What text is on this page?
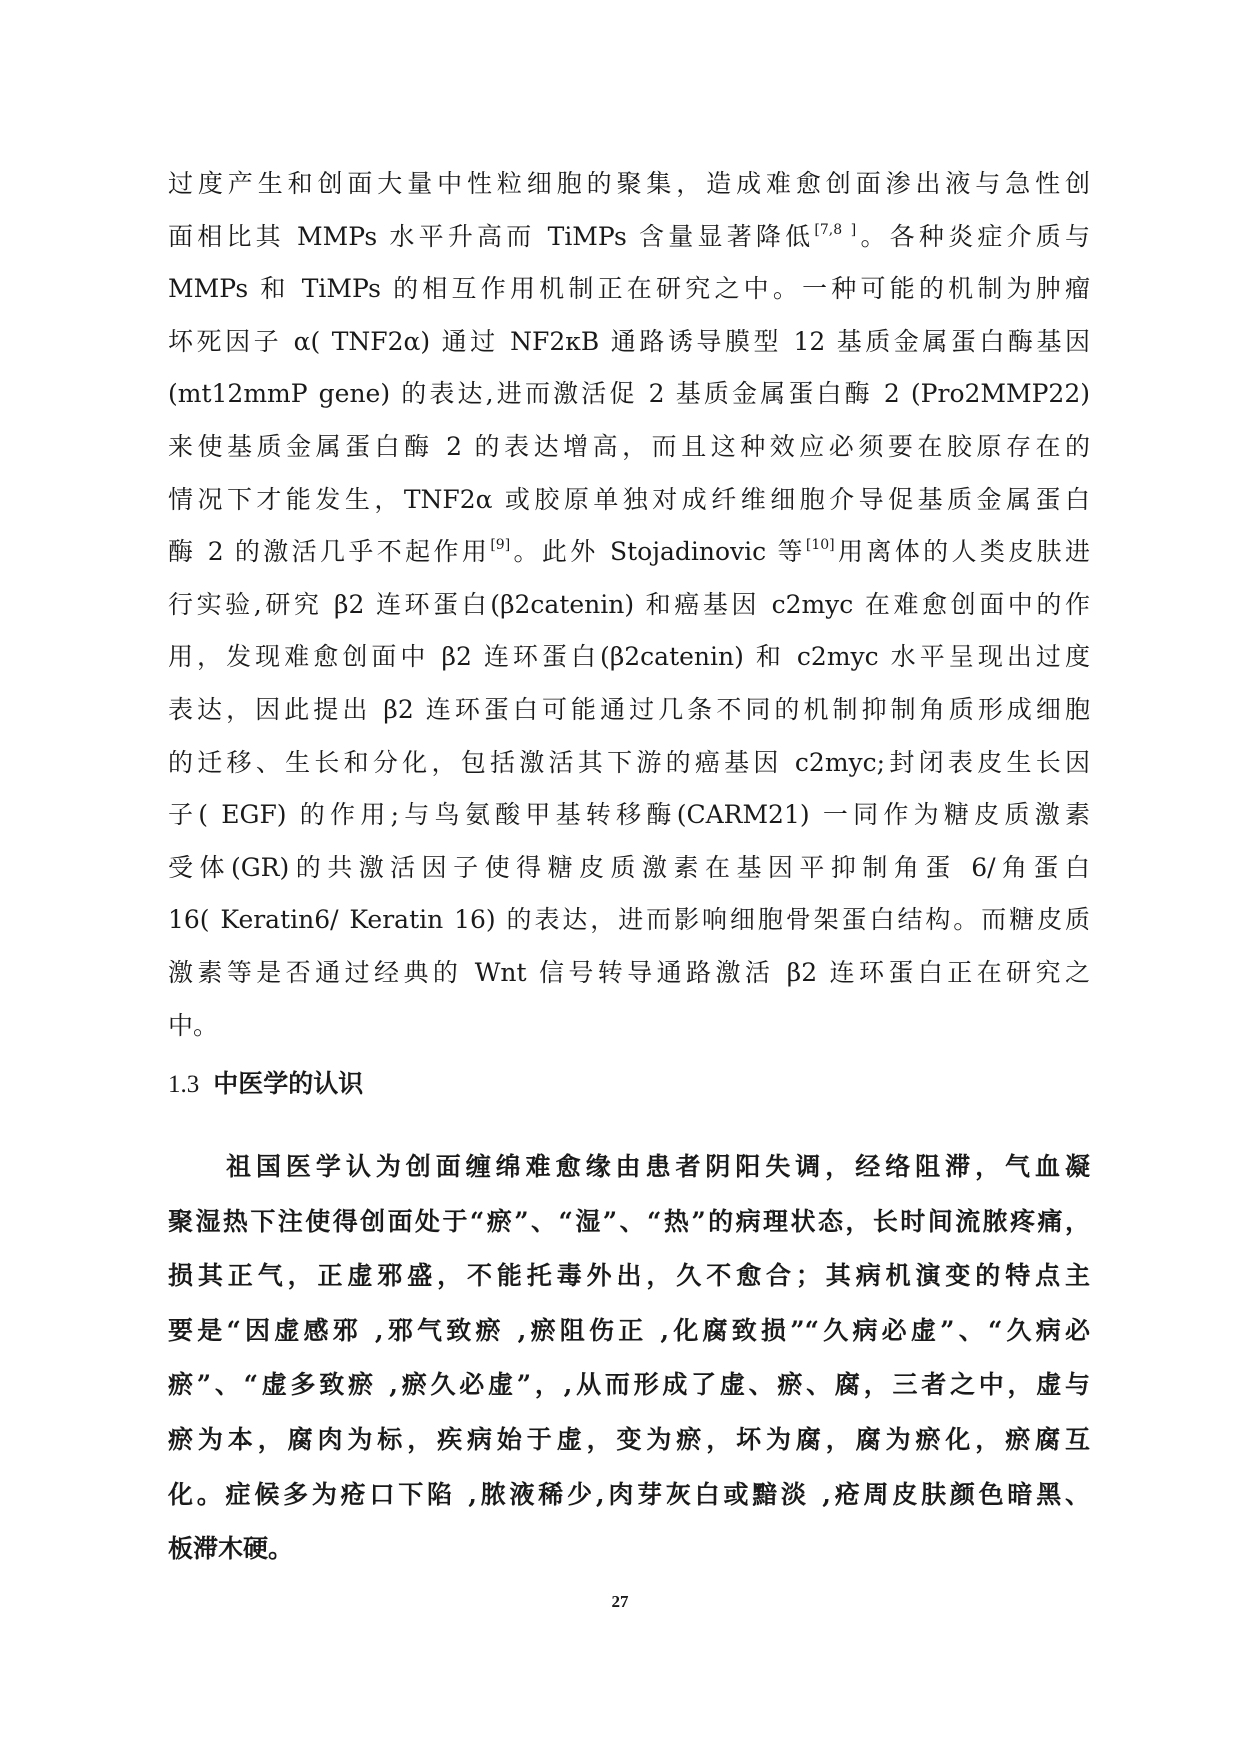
过度产生和创面大量中性粒细胞的聚集，造成难愈创面渗出液与急性创
面相比其 MMPs 水平升高而 TiMPs 含量显著降低[7,8 ]。各种炎症介质与
MMPs 和 TiMPs 的相互作用机制正在研究之中。一种可能的机制为肿瘤
坏死因子 α( TNF2α) 通过 NF2κB 通路诱导膜型 12 基质金属蛋白酶基因
(mt12mmP gene) 的表达,进而激活促 2 基质金属蛋白酶 2 (Pro2MMP22)
来使基质金属蛋白酶 2 的表达增高，而且这种效应必须要在胶原存在的
情况下才能发生，TNF2α 或胶原单独对成纤维细胞介导促基质金属蛋白
酶 2 的激活几乎不起作用[9]。此外 Stojadinovic 等[10]用离体的人类皮肤进
行实验,研究 β2 连环蛋白(β2catenin) 和癌基因 c2myc 在难愈创面中的作
用，发现难愈创面中 β2 连环蛋白(β2catenin) 和 c2myc 水平呈现出过度
表达，因此提出 β2 连环蛋白可能通过几条不同的机制抑制角质形成细胞
的迁移、生长和分化，包括激活其下游的癌基因 c2myc;封闭表皮生长因
子( EGF) 的作用;与鸟氨酸甲基转移酶(CARM21) 一同作为糖皮质激素
受体(GR)的共激活因子使得糖皮质激素在基因平抑制角蛋 6/角蛋白
16( Keratin6/ Keratin 16) 的表达，进而影响细胞骨架蛋白结构。而糖皮质
激素等是否通过经典的 Wnt 信号转导通路激活 β2 连环蛋白正在研究之
中。
1.3 中医学的认识
祖国医学认为创面缠绵难愈缘由患者阴阳失调，经络阻滞，气血凝
聚湿热下注使得创面处于“瘀”、“湿”、“热”的病理状态，长时间流脓疼痛，
损其正气，正虚邪盛，不能托毒外出，久不愈合；其病机演变的特点主
要是“因虚感邪 ,邪气致瘀 ,瘀阻伤正 ,化腐致损”“久病必虚”、“久病必
瘀”、“虚多致瘀 ,瘀久必虚”，,从而形成了虚、瘀、腐，三者之中，虚与
瘀为本，腐肉为标，疾病始于虚，变为瘀，坏为腐，腐为瘀化，瘀腐互
化。症候多为疮口下陷 ,脓液稀少,肉芽灰白或黯淡 ,疮周皮肤颜色暗黑、
板滞木硬。
27
